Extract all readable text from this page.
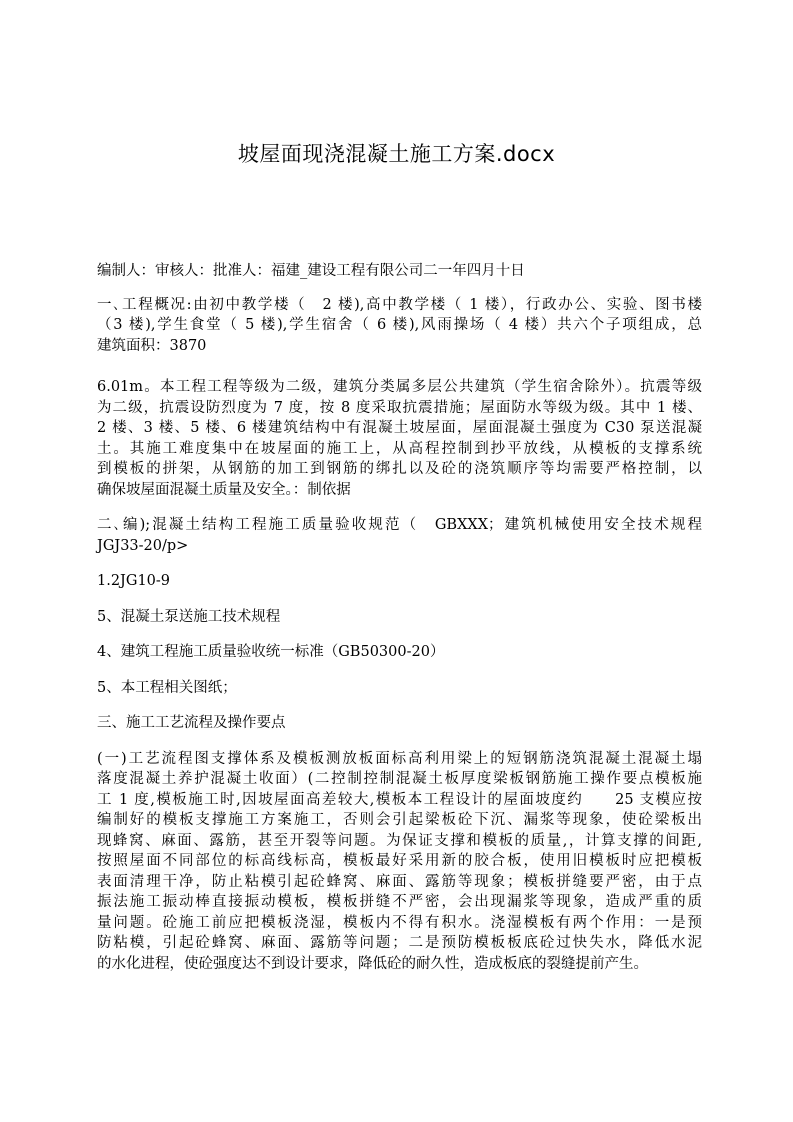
坡屋面现浇混凝土施工方案.docx

编制人：审核人：批准人：福建_建设工程有限公司二一年四月十日

一､工程概况:由初中教学楼（　2 楼),高中教学楼（ 1 楼），行政办公、实验、图书楼
（3 楼),学生食堂（ 5 楼),学生宿舍（ 6 楼),风雨操场（ 4 楼）共六个子项组成，总
建筑面积：3870

6.01m。本工程工程等级为二级，建筑分类属多层公共建筑（学生宿舍除外）。抗震等级
为二级，抗震设防烈度为 7 度，按 8 度采取抗震措施；屋面防水等级为级。其中 1 楼、
2 楼、3 楼、5 楼、6 楼建筑结构中有混凝土坡屋面，屋面混凝土强度为 C30 泵送混凝
土。其施工难度集中在坡屋面的施工上，从高程控制到抄平放线，从模板的支撑系统
到模板的拼架，从钢筋的加工到钢筋的绑扎以及砼的浇筑顺序等均需要严格控制，以
确保坡屋面混凝土质量及安全。：制依据

二､编);混凝土结构工程施工质量验收规范（　GBXXX；建筑机械使用安全技术规程
JGJ33-20/p>

1.2JG10-9

5、混凝土泵送施工技术规程

4、建筑工程施工质量验收统一标准（GB50300-20）

5、本工程相关图纸；

三、施工工艺流程及操作要点

(一)工艺流程图支撑体系及模板测放板面标高利用梁上的短钢筋浇筑混凝土混凝土塌
落度混凝土养护混凝土收面）(二控制控制混凝土板厚度梁板钢筋施工操作要点模板施
工 1 度,模板施工时,因坡屋面高差较大,模板本工程设计的屋面坡度约　　25 支模应按
编制好的模板支撑施工方案施工，否则会引起梁板砼下沉、漏浆等现象，使砼梁板出
现蜂窝、麻面、露筋，甚至开裂等问题。为保证支撑和模板的质量,，计算支撑的间距,
按照屋面不同部位的标高线标高，模板最好采用新的胶合板，使用旧模板时应把模板
表面清理干净，防止粘模引起砼蜂窝、麻面、露筋等现象；模板拼缝要严密，由于点
振法施工振动棒直接振动模板，模板拼缝不严密，会出现漏浆等现象，造成严重的质
量问题。砼施工前应把模板浇湿，模板内不得有积水。浇湿模板有两个作用：一是预
防粘模，引起砼蜂窝、麻面、露筋等问题；二是预防模板板底砼过快失水，降低水泥
的水化进程，使砼强度达不到设计要求，降低砼的耐久性，造成板底的裂缝提前产生。
